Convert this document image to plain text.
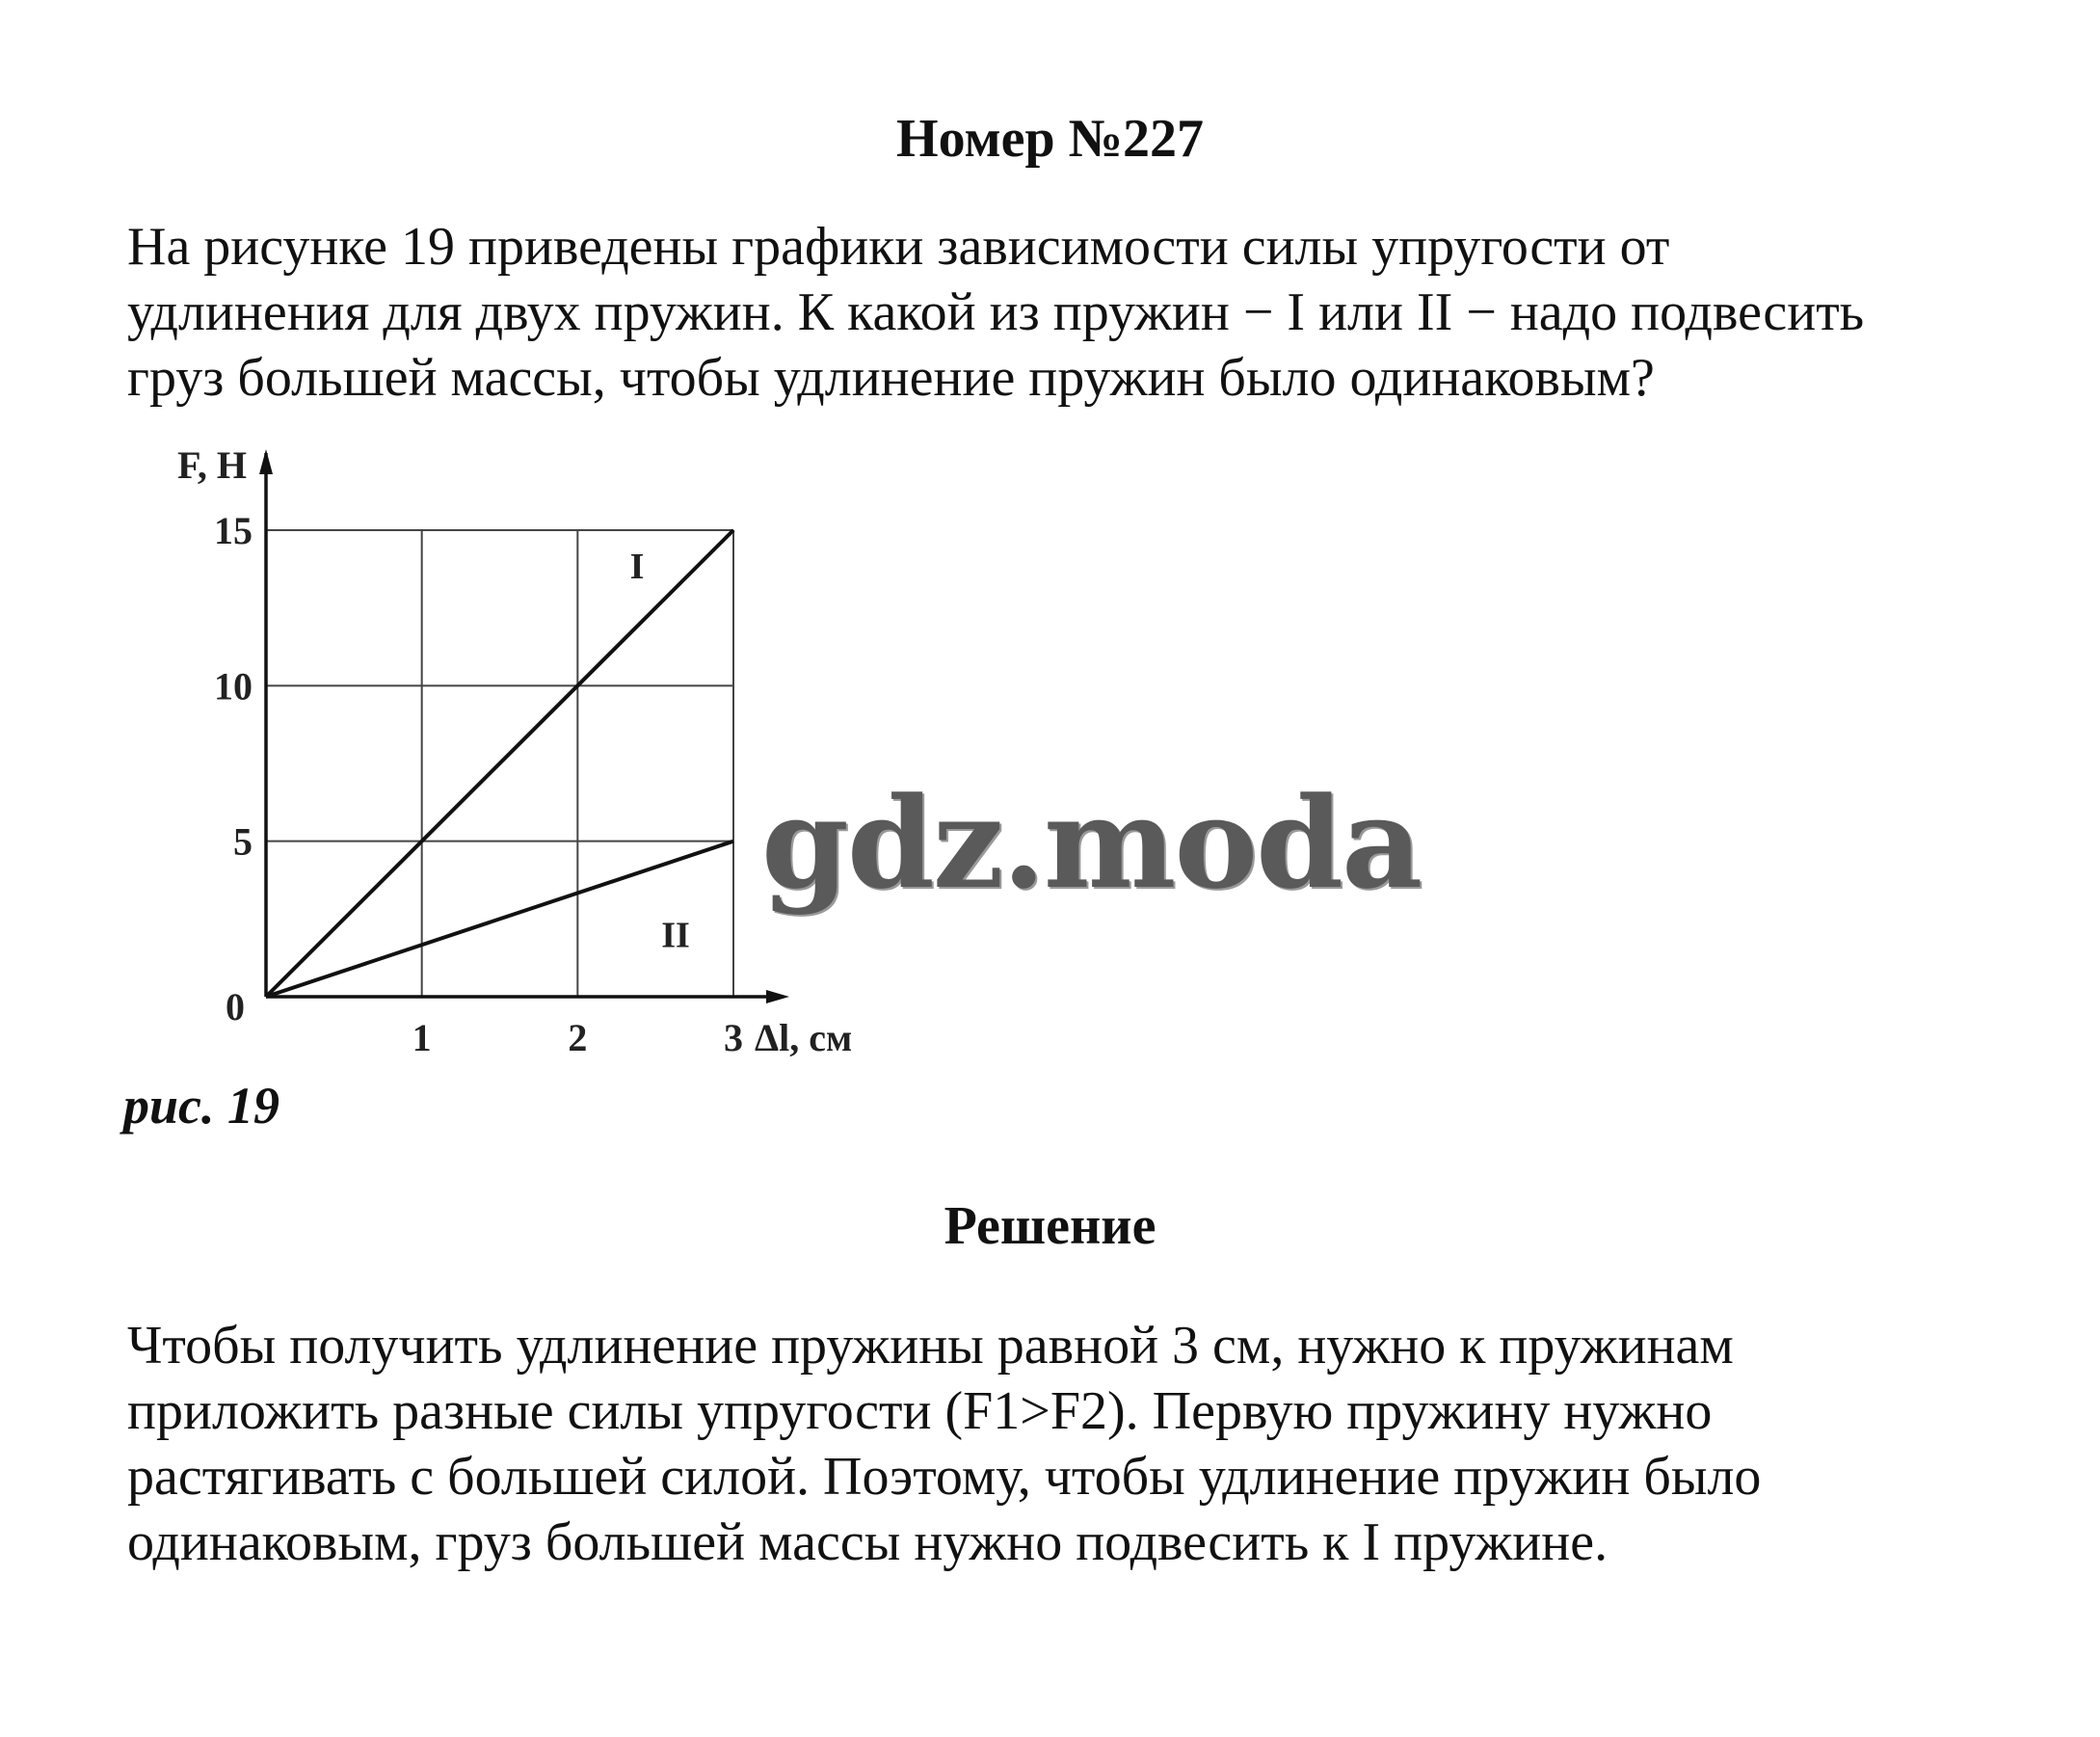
Номер №227

На рисунке 19 приведены графики зависимости силы упругости от
удлинения для двух пружин. К какой из пружин − I или II − надо подвесить
груз большей массы, чтобы удлинение пружин было одинаковым?

I
II
1	2	3
5
10
15
0
F, Н
Δl, см
рис. 19
gdz.moda
Решение

Чтобы получить удлинение пружины равной 3 см, нужно к пружинам
приложить разные силы упругости (F1>F2). Первую пружину нужно
растягивать с большей силой. Поэтому, чтобы удлинение пружин было
одинаковым, груз большей массы нужно подвесить к I пружине.
